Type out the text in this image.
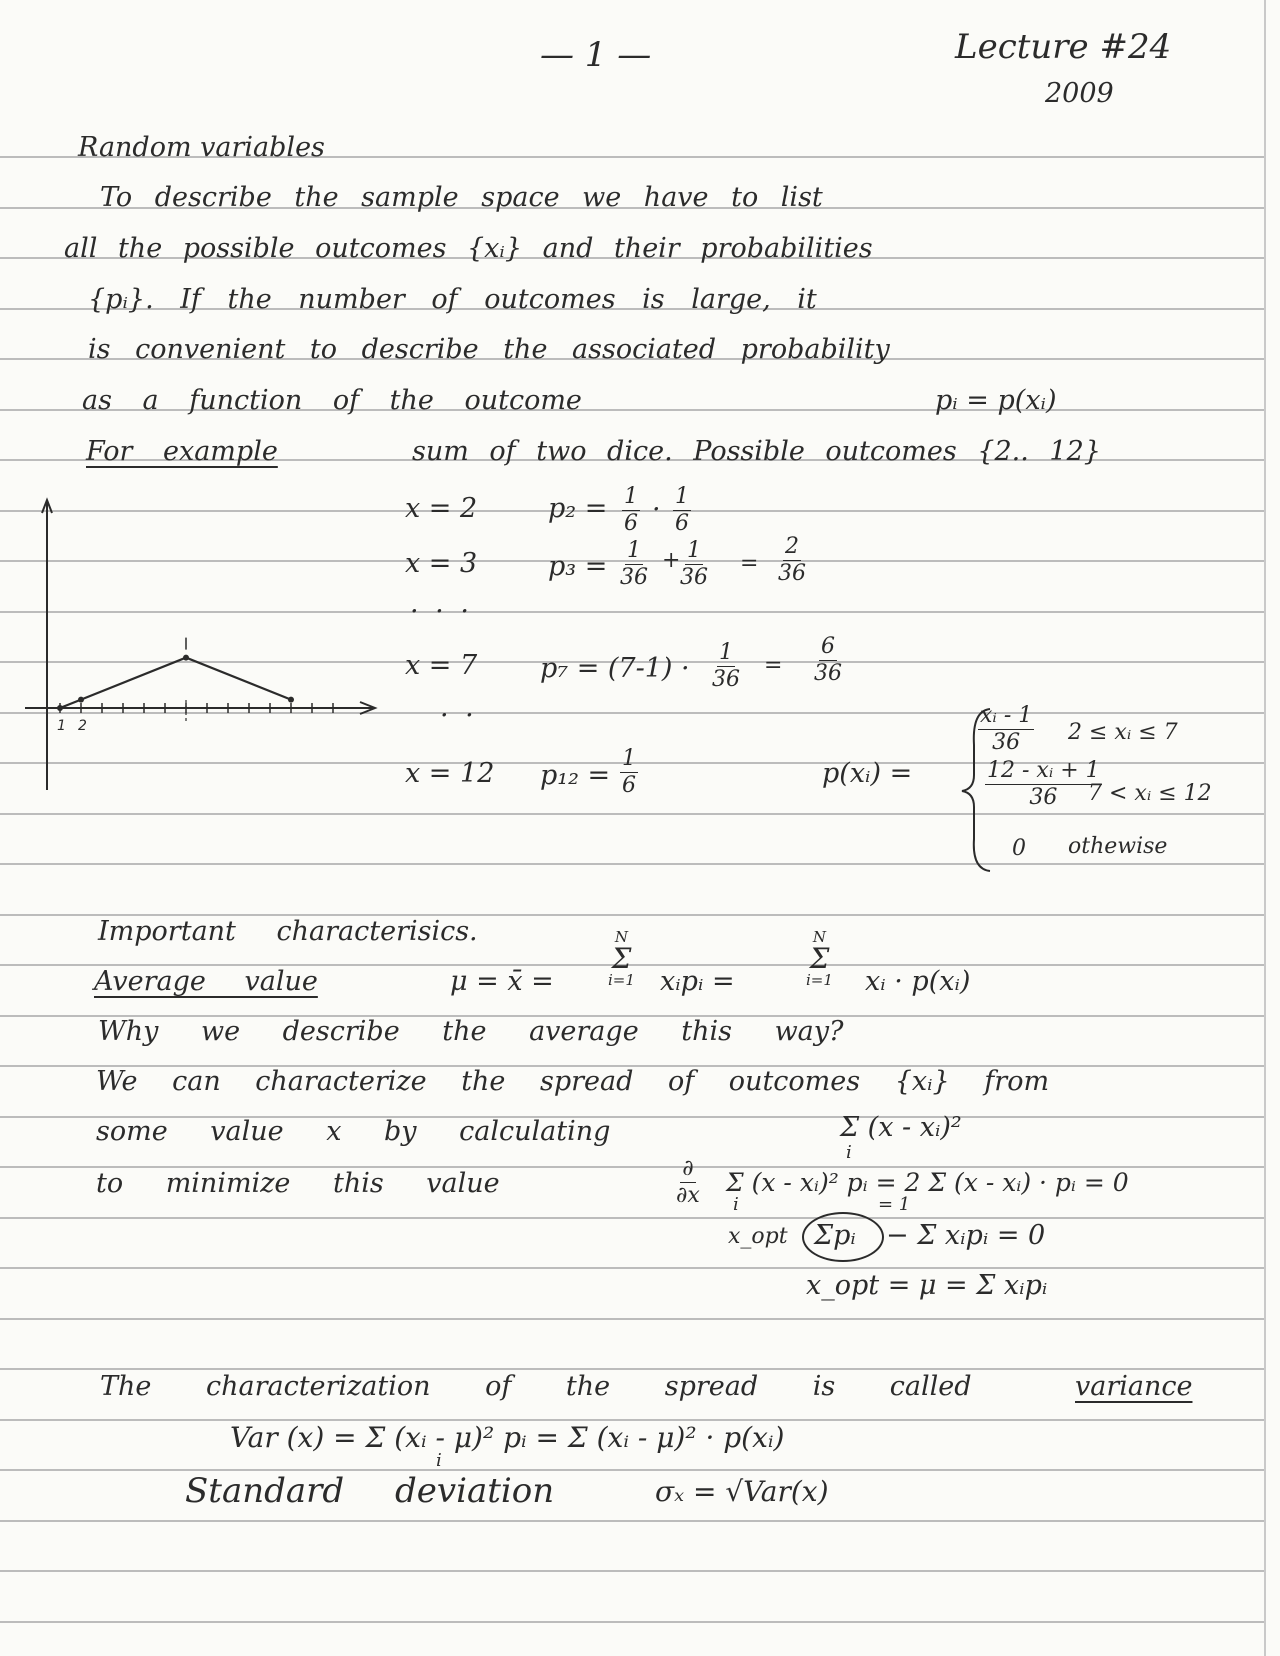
— 1 —	Lecture #24
2009
Random variables
To describe the sample space we have to list
all the possible outcomes {xᵢ} and their probabilities
{pᵢ}. If the number of outcomes is large, it
is convenient to describe the associated probability
as a function of the outcome	pᵢ = p(xᵢ)
For example	sum of two dice. Possible outcomes {2.. 12}
x = 2	$p_2 = \frac{1}{6} \cdot \frac{1}{6}$
x = 3	$p_3 = \frac{1}{36} + \frac{1}{36} = \frac{2}{36}$
· · ·
x = 7 $p_7 = (7-1) \cdot \frac{1}{36} = \frac{6}{36}$
· ·
x = 12 $p_{12} = \frac{1}{6}$	p(xᵢ) =
$\frac{\text{xᵢ - 1}}{36} 2$ ≤ xᵢ ≤ 7
$\frac{\text{12 - xᵢ + 1}}{36}$
7 < xᵢ ≤ 12
0 othewise
1 2
Important characterisics.
Average value	μ = x̄ =
N
Σ
i=1 xᵢpᵢ =
N
Σ
i=1 xᵢ · p(xᵢ)
Why we describe the average this way?
We can characterize the spread of outcomes {xᵢ} from
some value x by calculating	Σ (x - xᵢ)²
i
to minimize this value	∂
∂x Σ (x - xᵢ)² pᵢ = 2 Σ (x - xᵢ) · pᵢ = 0
i	= 1
x_opt Σpᵢ − Σ xᵢpᵢ = 0
x_opt = μ = Σ xᵢpᵢ
The characterization of the spread is called	variance
Var (x) = Σ (xᵢ - μ)² pᵢ = Σ (xᵢ - μ)² · p(xᵢ)
i
Standard deviation	σₓ = √Var(x)
